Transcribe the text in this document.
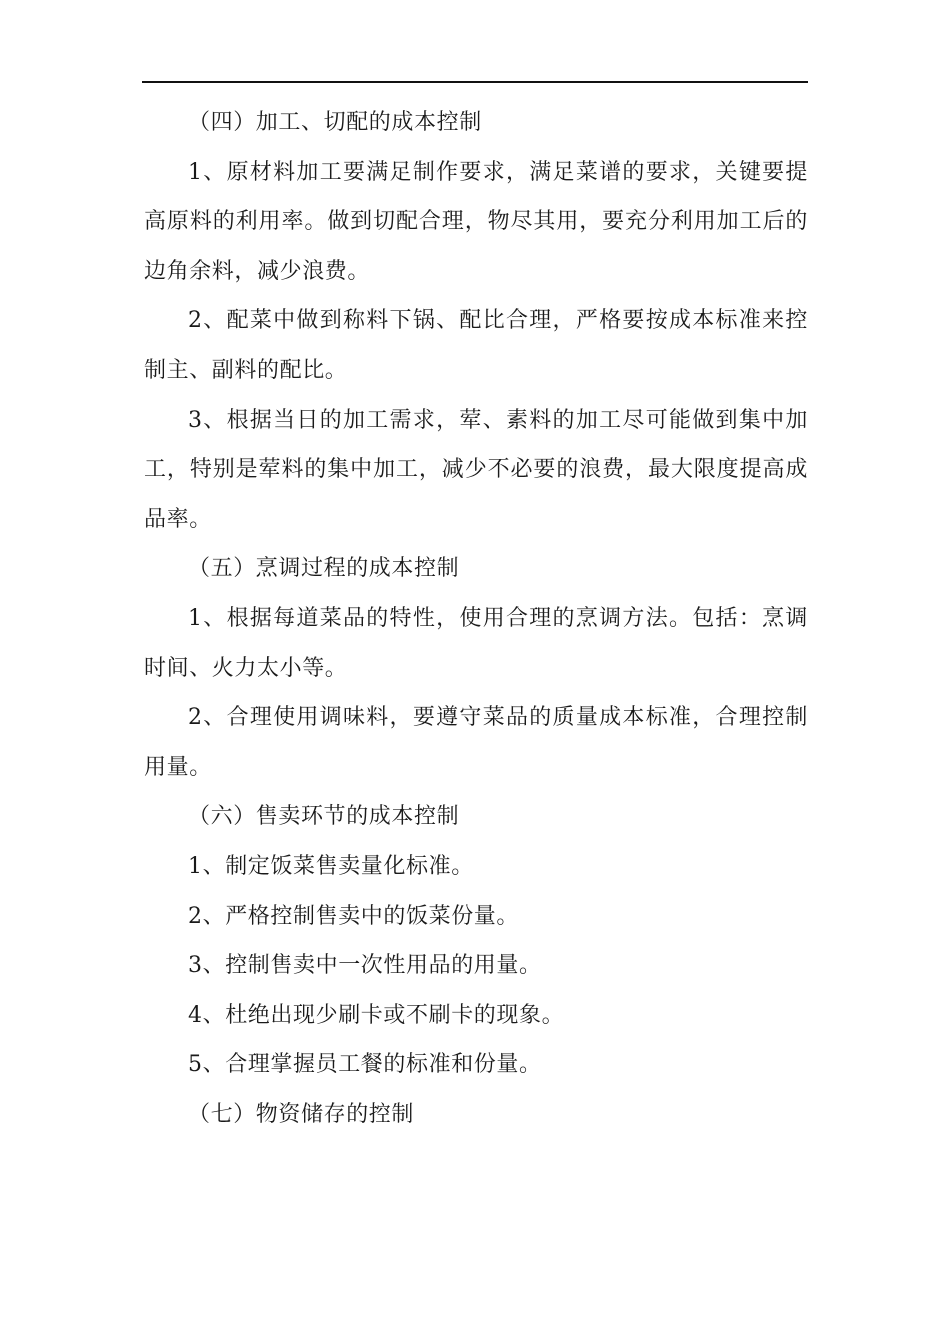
（四）加工、切配的成本控制

1、原材料加工要满足制作要求，满足菜谱的要求，关键要提高原料的利用率。做到切配合理，物尽其用，要充分利用加工后的边角余料，减少浪费。

2、配菜中做到称料下锅、配比合理，严格要按成本标准来控制主、副料的配比。

3、根据当日的加工需求，荤、素料的加工尽可能做到集中加工，特别是荤料的集中加工，减少不必要的浪费，最大限度提高成品率。

（五）烹调过程的成本控制

1、根据每道菜品的特性，使用合理的烹调方法。包括：烹调时间、火力太小等。

2、合理使用调味料，要遵守菜品的质量成本标准，合理控制用量。

（六）售卖环节的成本控制

1、制定饭菜售卖量化标准。

2、严格控制售卖中的饭菜份量。

3、控制售卖中一次性用品的用量。

4、杜绝出现少刷卡或不刷卡的现象。

5、合理掌握员工餐的标准和份量。

（七）物资储存的控制
